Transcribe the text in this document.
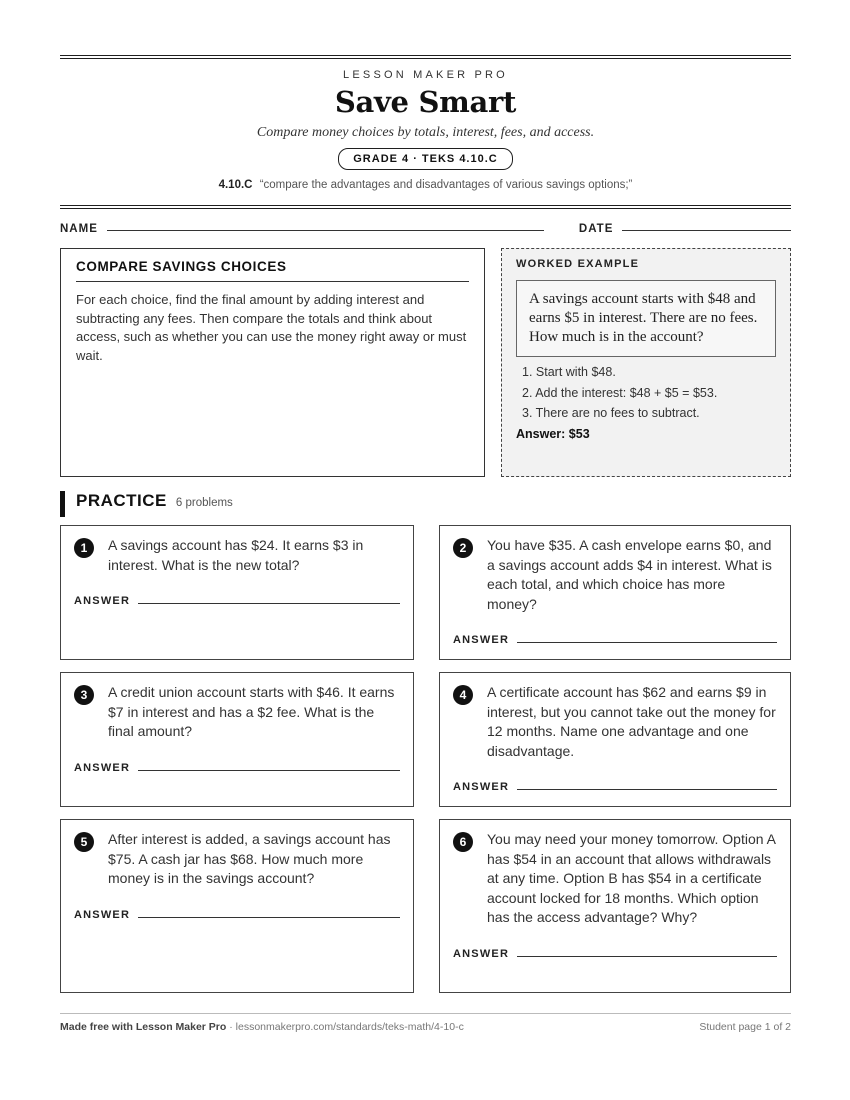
LESSON MAKER PRO
Save Smart
Compare money choices by totals, interest, fees, and access.
GRADE 4 · TEKS 4.10.C
4.10.C “compare the advantages and disadvantages of various savings options;”
NAME	DATE
COMPARE SAVINGS CHOICES
For each choice, find the final amount by adding interest and subtracting any fees. Then compare the totals and think about access, such as whether you can use the money right away or must wait.
WORKED EXAMPLE
A savings account starts with $48 and earns $5 in interest. There are no fees. How much is in the account?
1. Start with $48.
2. Add the interest: $48 + $5 = $53.
3. There are no fees to subtract.
Answer: $53
PRACTICE 6 problems
1	A savings account has $24. It earns $3 in interest. What is the new total?
ANSWER
2	You have $35. A cash envelope earns $0, and a savings account adds $4 in interest. What is each total, and which choice has more money?
ANSWER
3	A credit union account starts with $46. It earns $7 in interest and has a $2 fee. What is the final amount?
ANSWER
4	A certificate account has $62 and earns $9 in interest, but you cannot take out the money for 12 months. Name one advantage and one disadvantage.
ANSWER
5	After interest is added, a savings account has $75. A cash jar has $68. How much more money is in the savings account?
ANSWER
6	You may need your money tomorrow. Option A has $54 in an account that allows withdrawals at any time. Option B has $54 in a certificate account locked for 18 months. Which option has the access advantage? Why?
ANSWER
Made free with Lesson Maker Pro · lessonmakerpro.com/standards/teks-math/4-10-c	Student page 1 of 2
